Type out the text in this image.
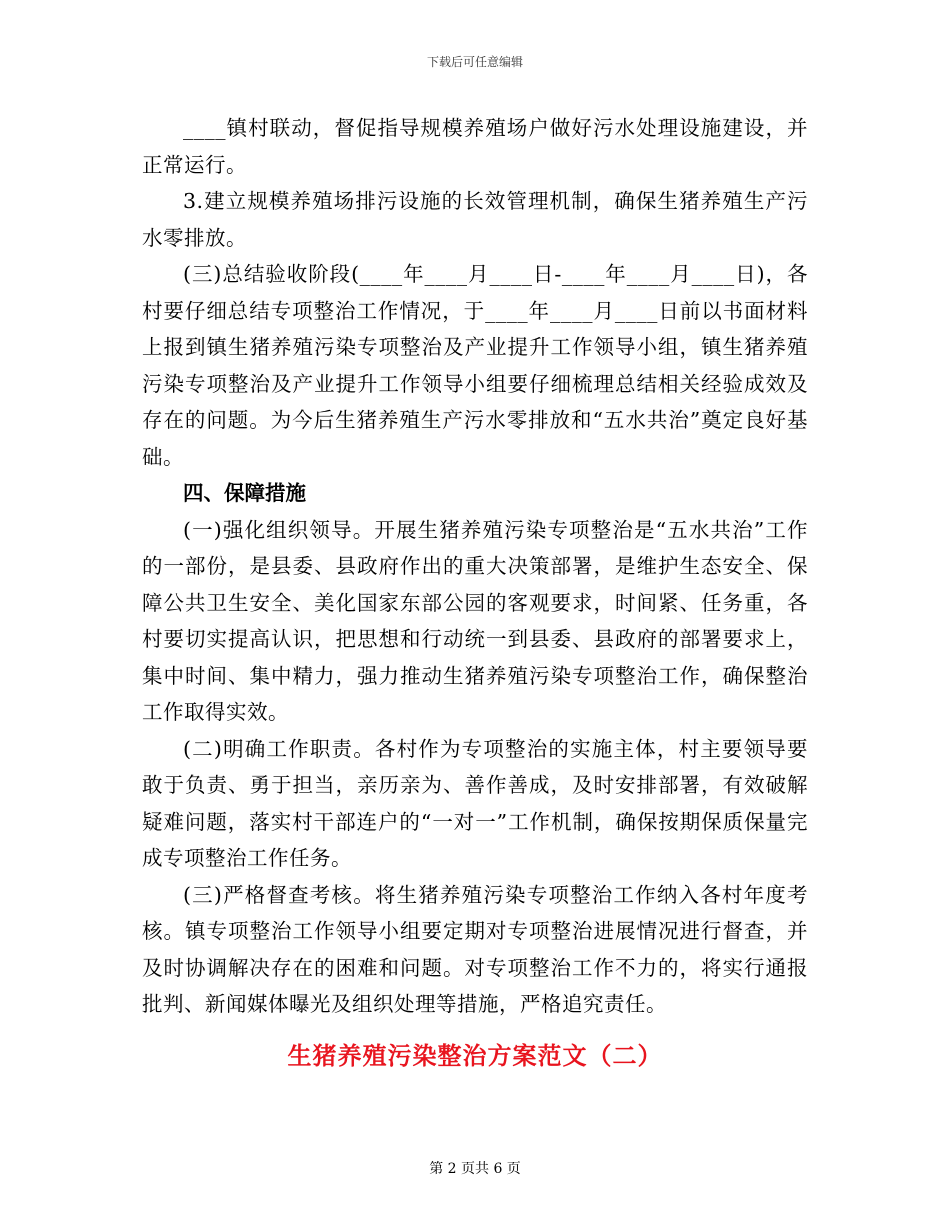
下载后可任意编辑

____镇村联动，督促指导规模养殖场户做好污水处理设施建设，并正常运行。

3.建立规模养殖场排污设施的长效管理机制，确保生猪养殖生产污水零排放。

(三)总结验收阶段(____年____月____日-____年____月____日)，各村要仔细总结专项整治工作情况，于____年____月____日前以书面材料上报到镇生猪养殖污染专项整治及产业提升工作领导小组，镇生猪养殖污染专项整治及产业提升工作领导小组要仔细梳理总结相关经验成效及存在的问题。为今后生猪养殖生产污水零排放和“五水共治”奠定良好基础。

四、保障措施

(一)强化组织领导。开展生猪养殖污染专项整治是“五水共治”工作的一部份，是县委、县政府作出的重大决策部署，是维护生态安全、保障公共卫生安全、美化国家东部公园的客观要求，时间紧、任务重，各村要切实提高认识，把思想和行动统一到县委、县政府的部署要求上，集中时间、集中精力，强力推动生猪养殖污染专项整治工作，确保整治工作取得实效。

(二)明确工作职责。各村作为专项整治的实施主体，村主要领导要敢于负责、勇于担当，亲历亲为、善作善成，及时安排部署，有效破解疑难问题，落实村干部连户的“一对一”工作机制，确保按期保质保量完成专项整治工作任务。

(三)严格督查考核。将生猪养殖污染专项整治工作纳入各村年度考核。镇专项整治工作领导小组要定期对专项整治进展情况进行督查，并及时协调解决存在的困难和问题。对专项整治工作不力的，将实行通报批判、新闻媒体曝光及组织处理等措施，严格追究责任。

生猪养殖污染整治方案范文（二）
第 2 页共 6 页
